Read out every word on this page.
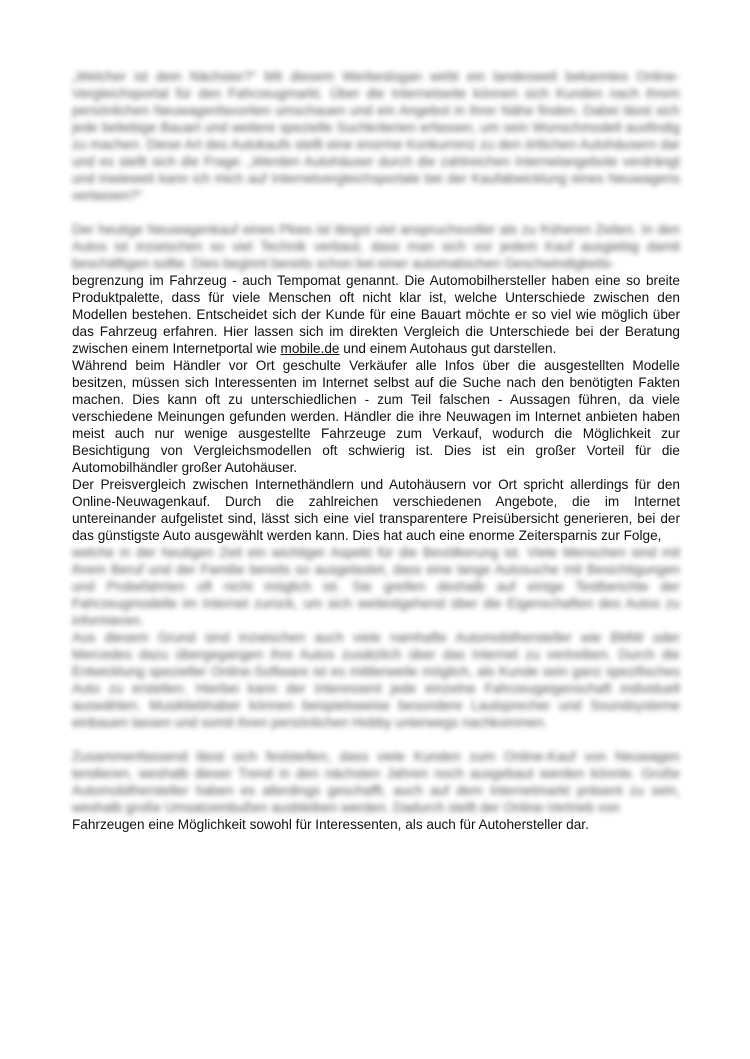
„Welcher ist dein Nächster?“ Mit diesem Werbeslogan wirbt ein landesweit bekanntes Online-Vergleichsportal für den Fahrzeugmarkt. Über die Internetseite können sich Kunden nach ihrem persönlichen Neuwagenfavoriten umschauen und ein Angebot in ihrer Nähe finden. Dabei lässt sich jede beliebige Bauart und weitere spezielle Suchkriterien erfassen, um sein Wunschmodell ausfindig zu machen. Diese Art des Autokaufs stellt eine enorme Konkurrenz zu den örtlichen Autohäusern dar und es stellt sich die Frage: „Werden Autohäuser durch die zahlreichen Internetangebote verdrängt und inwieweit kann ich mich auf Internetvergleichsportale bei der Kaufabwicklung eines Neuwagens verlassen?“

Der heutige Neuwagenkauf eines Pkws ist längst viel anspruchsvoller als zu früheren Zeiten. In den Autos ist inzwischen so viel Technik verbaut, dass man sich vor jedem Kauf ausgiebig damit beschäftigen sollte. Dies beginnt bereits schon bei einer automatischen Geschwindigkeits-

begrenzung im Fahrzeug - auch Tempomat genannt. Die Automobilhersteller haben eine so breite Produktpalette, dass für viele Menschen oft nicht klar ist, welche Unterschiede zwischen den Modellen bestehen. Entscheidet sich der Kunde für eine Bauart möchte er so viel wie möglich über das Fahrzeug erfahren. Hier lassen sich im direkten Vergleich die Unterschiede bei der Beratung zwischen einem Internetportal wie mobile.de und einem Autohaus gut darstellen.

Während beim Händler vor Ort geschulte Verkäufer alle Infos über die ausgestellten Modelle besitzen, müssen sich Interessenten im Internet selbst auf die Suche nach den benötigten Fakten machen. Dies kann oft zu unterschiedlichen - zum Teil falschen - Aussagen führen, da viele verschiedene Meinungen gefunden werden. Händler die ihre Neuwagen im Internet anbieten haben meist auch nur wenige ausgestellte Fahrzeuge zum Verkauf, wodurch die Möglichkeit zur Besichtigung von Vergleichsmodellen oft schwierig ist. Dies ist ein großer Vorteil für die Automobilhändler großer Autohäuser.

Der Preisvergleich zwischen Internethändlern und Autohäusern vor Ort spricht allerdings für den Online-Neuwagenkauf. Durch die zahlreichen verschiedenen Angebote, die im Internet untereinander aufgelistet sind, lässt sich eine viel transparentere Preisübersicht generieren, bei der das günstigste Auto ausgewählt werden kann. Dies hat auch eine enorme Zeitersparnis zur Folge,

welche in der heutigen Zeit ein wichtiger Aspekt für die Bevölkerung ist. Viele Menschen sind mit ihrem Beruf und der Familie bereits so ausgelastet, dass eine lange Autosuche mit Besichtigungen und Probefahrten oft nicht möglich ist. Sie greifen deshalb auf einige Testberichte der Fahrzeugmodelle im Internet zurück, um sich weitestgehend über die Eigenschaften des Autos zu informieren.

Aus diesem Grund sind inzwischen auch viele namhafte Automobilhersteller wie BMW oder Mercedes dazu übergegangen ihre Autos zusätzlich über das Internet zu vertreiben. Durch die Entwicklung spezieller Online-Software ist es mittlerweile möglich, als Kunde sein ganz spezifisches Auto zu erstellen. Hierbei kann der Interessent jede einzelne Fahrzeugeigenschaft individuell auswählen. Musikliebhaber können beispielsweise besondere Lautsprecher und Soundsysteme einbauen lassen und somit ihren persönlichen Hobby unterwegs nachkommen.

Zusammenfassend lässt sich feststellen, dass viele Kunden zum Online-Kauf von Neuwagen tendieren, weshalb dieser Trend in den nächsten Jahren noch ausgebaut werden könnte. Große Automobilhersteller haben es allerdings geschafft, auch auf dem Internetmarkt präsent zu sein, weshalb große Umsatzeinbußen ausbleiben werden. Dadurch stellt der Online-Vertrieb von

Fahrzeugen eine Möglichkeit sowohl für Interessenten, als auch für Autohersteller dar.
